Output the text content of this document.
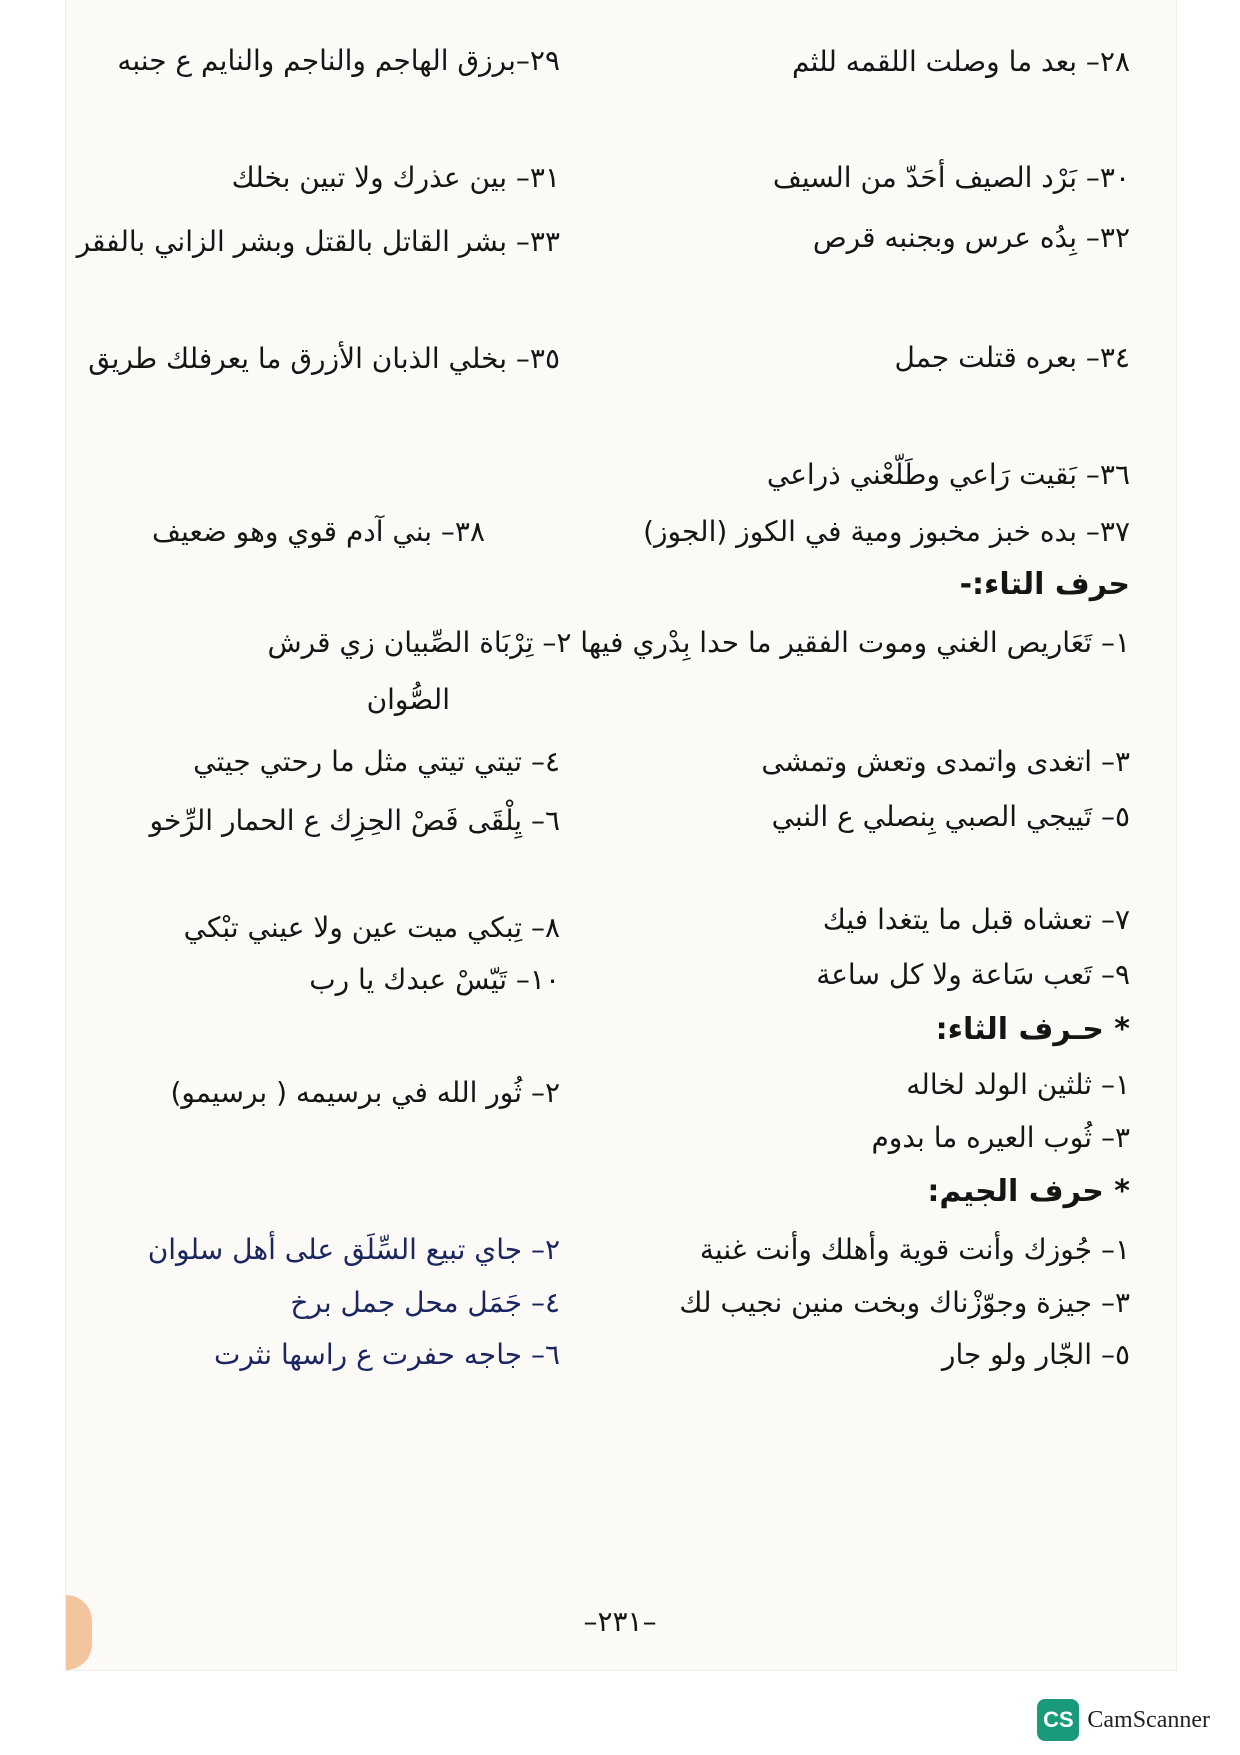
٢٨– بعد ما وصلت اللقمه للثم
٢٩–برزق الهاجم والناجم والنايم ع جنبه
٣٠– بَرْد الصيف أحَدّ من السيف
٣١– بين عذرك ولا تبين بخلك
٣٢– بِدُه عرس وبجنبه قرص
٣٣– بشر القاتل بالقتل وبشر الزاني بالفقر
٣٤– بعره قتلت جمل
٣٥– بخلي الذبان الأزرق ما يعرفلك طريق
٣٦– بَقيت رَاعي وطَلّعْني ذراعي
٣٧– بده خبز مخبوز ومية في الكوز (الجوز)
٣٨– بني آدم قوي وهو ضعيف
حرف التاء:-
١– تَعَاريص الغني وموت الفقير ما حدا بِدْري فيها ٢– تِرْبَاة الصِّبيان زي قرش
الصُّوان
٣– اتغدى واتمدى وتعش وتمشى
٤– تيتي تيتي مثل ما رحتي جيتي
٥– تَييجي الصبي بِنصلي ع النبي
٦– يِلْقَى فَصْ الحِزِك ع الحمار الرِّخو
٧– تعشاه قبل ما يتغدا فيك
٨– تِبكي ميت عين ولا عيني تبْكي
٩– تَعب سَاعة ولا كل ساعة
١٠– تَيّسْ عبدك يا رب
* حـرف الثاء:
١– ثلثين الولد لخاله
٢– ثُور الله في برسيمه ( برسيمو)
٣– ثُوب العيره ما بدوم
* حرف الجيم:
١– جُوزك وأنت قوية وأهلك وأنت غنية
٢– جاي تبيع السِّلَق على أهل سلوان
٣– جيزة وجوّزْناك وبخت منين نجيب لك
٤– جَمَل محل جمل برخ
٥– الجّار ولو جار
٦– جاجه حفرت ع راسها نثرت
–٢٣١–
CS CamScanner
